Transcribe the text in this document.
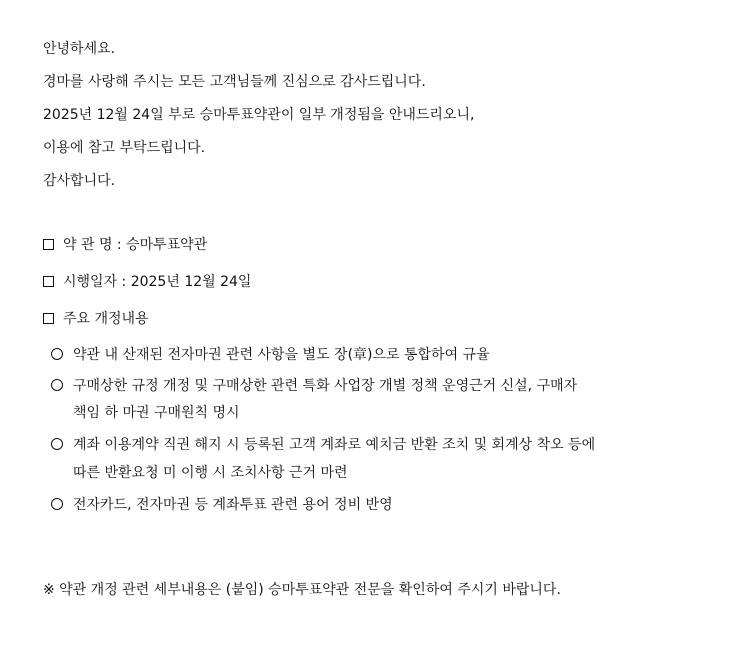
안녕하세요.
경마를 사랑해 주시는 모든 고객님들께 진심으로 감사드립니다.
2025년 12월 24일 부로 승마투표약관이 일부 개정됨을 안내드리오니,
이용에 참고 부탁드립니다.
감사합니다.
약 관 명 : 승마투표약관
시행일자 : 2025년 12월 24일
주요 개정내용
약관 내 산재된 전자마권 관련 사항을 별도 장(章)으로 통합하여 규율
구매상한 규정 개정 및 구매상한 관련 특화 사업장 개별 정책 운영근거 신설, 구매자
책임 하 마권 구매원칙 명시
계좌 이용계약 직권 해지 시 등록된 고객 계좌로 예치금 반환 조치 및 회계상 착오 등에
따른 반환요청 미 이행 시 조치사항 근거 마련
전자카드, 전자마권 등 계좌투표 관련 용어 정비 반영
※ 약관 개정 관련 세부내용은 (붙임) 승마투표약관 전문을 확인하여 주시기 바랍니다.
